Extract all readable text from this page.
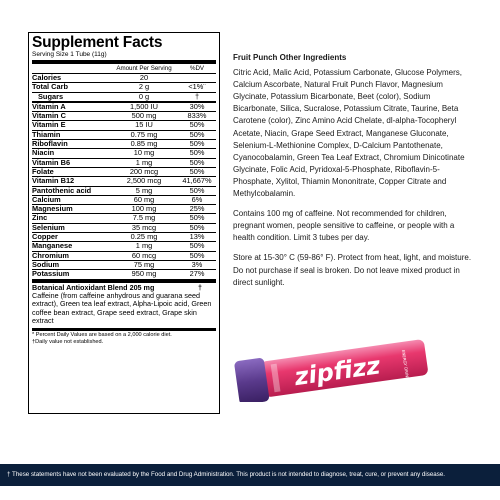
Supplement Facts
Serving Size 1 Tube (11g)
Amount Per Serving	%DV
Calories	20
Total Carb	2 g	<1%¨
Sugars	0 g	†
Vitamin A	1,500 IU	30%
Vitamin C	500 mg	833%
Vitamin E	15 IU	50%
Thiamin	0.75 mg	50%
Riboflavin	0.85 mg	50%
Niacin	10 mg	50%
Vitamin B6	1 mg	50%
Folate	200 mcg	50%
Vitamin B12	2,500 mcg	41,667%
Pantothenic acid	5 mg	50%
Calcium	60 mg	6%
Magnesium	100 mg	25%
Zinc	7.5 mg	50%
Selenium	35 mcg	50%
Copper	0.25 mg	13%
Manganese	1 mg	50%
Chromium	60 mcg	50%
Sodium	75 mg	3%
Potassium	950 mg	27%
Botanical Antioxidant Blend 205 mg	†
Caffeine (from caffeine anhydrous and guarana seed extract), Green tea leaf extract, Alpha-Lipoic acid, Green coffee bean extract, Grape seed extract, Grape skin extract
* Percent Daily Values are based on a 2,000 calorie diet.
†Daily value not established.
Fruit Punch Other Ingredients
Citric Acid, Malic Acid, Potassium Carbonate, Glucose Polymers, Calcium Ascorbate, Natural Fruit Punch Flavor, Magnesium Glycinate, Potassium Bicarbonate, Beet (color), Sodium Bicarbonate, Silica, Sucralose, Potassium Citrate, Taurine, Beta Carotene (color), Zinc Amino Acid Chelate, dl-alpha-Tocopheryl Acetate, Niacin, Grape Seed Extract, Manganese Gluconate, Selenium-L-Methionine Complex, D-Calcium Pantothenate, Cyanocobalamin, Green Tea Leaf Extract, Chromium Dinicotinate Glycinate, Folic Acid, Pyridoxal-5-Phosphate, Riboflavin-5-Phosphate, Xylitol, Thiamin Mononitrate, Copper Citrate and Methylcobalamin.
Contains 100 mg of caffeine. Not recommended for children, pregnant women, people sensitive to caffeine, or people with a health condition. Limit 3 tubes per day.
Store at 15-30° C (59-86° F). Protect from heat, light, and moisture. Do not purchase if seal is broken. Do not leave mixed product in direct sunlight.
zipfizz	ENERGY DRINK MIX
† These statements have not been evaluated by the Food and Drug Administration. This product is not intended to diagnose, treat, cure, or prevent any disease.
